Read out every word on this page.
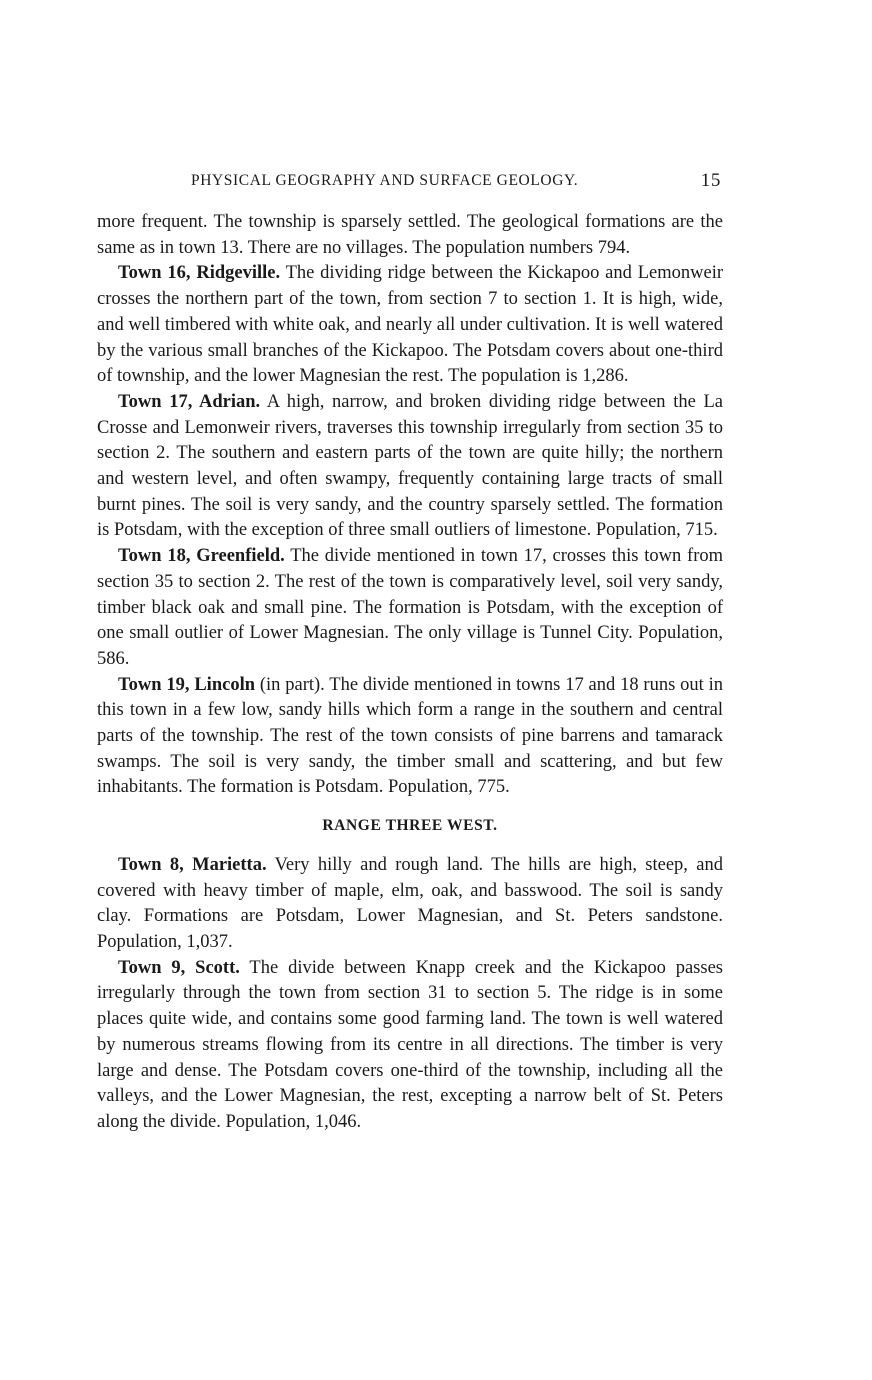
PHYSICAL GEOGRAPHY AND SURFACE GEOLOGY.	15

more frequent. The township is sparsely settled. The geological formations are the same as in town 13. There are no villages. The population numbers 794.

Town 16, Ridgeville. The dividing ridge between the Kickapoo and Lemonweir crosses the northern part of the town, from section 7 to section 1. It is high, wide, and well timbered with white oak, and nearly all under cultivation. It is well watered by the various small branches of the Kickapoo. The Potsdam covers about one-third of township, and the lower Magnesian the rest. The population is 1,286.

Town 17, Adrian. A high, narrow, and broken dividing ridge between the La Crosse and Lemonweir rivers, traverses this township irregularly from section 35 to section 2. The southern and eastern parts of the town are quite hilly; the northern and western level, and often swampy, frequently containing large tracts of small burnt pines. The soil is very sandy, and the country sparsely settled. The formation is Potsdam, with the exception of three small outliers of limestone. Population, 715.

Town 18, Greenfield. The divide mentioned in town 17, crosses this town from section 35 to section 2. The rest of the town is comparatively level, soil very sandy, timber black oak and small pine. The formation is Potsdam, with the exception of one small outlier of Lower Magnesian. The only village is Tunnel City. Population, 586.

Town 19, Lincoln (in part). The divide mentioned in towns 17 and 18 runs out in this town in a few low, sandy hills which form a range in the southern and central parts of the township. The rest of the town consists of pine barrens and tamarack swamps. The soil is very sandy, the timber small and scattering, and but few inhabitants. The formation is Potsdam. Population, 775.

RANGE THREE WEST.

Town 8, Marietta. Very hilly and rough land. The hills are high, steep, and covered with heavy timber of maple, elm, oak, and basswood. The soil is sandy clay. Formations are Potsdam, Lower Magnesian, and St. Peters sandstone. Population, 1,037.

Town 9, Scott. The divide between Knapp creek and the Kickapoo passes irregularly through the town from section 31 to section 5. The ridge is in some places quite wide, and contains some good farming land. The town is well watered by numerous streams flowing from its centre in all directions. The timber is very large and dense. The Potsdam covers one-third of the township, including all the valleys, and the Lower Magnesian, the rest, excepting a narrow belt of St. Peters along the divide. Population, 1,046.
